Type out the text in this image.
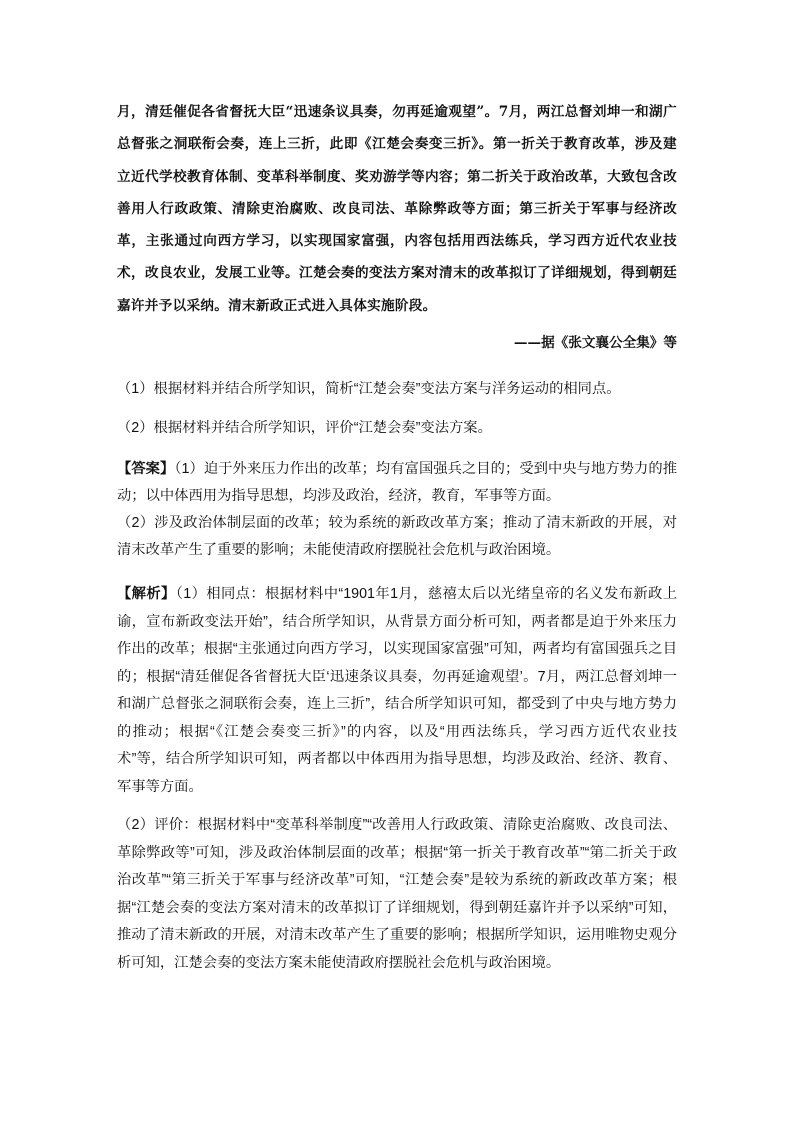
月，清廷催促各省督抚大臣“迅速条议具奏，勿再延逾观望”。7月，两江总督刘坤一和湖广总督张之洞联衔会奏，连上三折，此即《江楚会奏变三折》。第一折关于教育改革，涉及建立近代学校教育体制、变革科举制度、奖劝游学等内容；第二折关于政治改革，大致包含改善用人行政政策、清除吏治腐败、改良司法、革除弊政等方面；第三折关于军事与经济改革，主张通过向西方学习，以实现国家富强，内容包括用西法练兵，学习西方近代农业技术，改良农业，发展工业等。江楚会奏的变法方案对清末的改革拟订了详细规划，得到朝廷嘉许并予以采纳。清末新政正式进入具体实施阶段。

——据《张文襄公全集》等

（1）根据材料并结合所学知识，简析“江楚会奏”变法方案与洋务运动的相同点。

（2）根据材料并结合所学知识，评价“江楚会奏”变法方案。

【答案】（1）迫于外来压力作出的改革；均有富国强兵之目的；受到中央与地方势力的推动；以中体西用为指导思想，均涉及政治，经济，教育，军事等方面。

（2）涉及政治体制层面的改革；较为系统的新政改革方案；推动了清末新政的开展，对清末改革产生了重要的影响；未能使清政府摆脱社会危机与政治困境。

【解析】（1）相同点：根据材料中“1901年1月，慈禧太后以光绪皇帝的名义发布新政上谕，宣布新政变法开始”，结合所学知识，从背景方面分析可知，两者都是迫于外来压力作出的改革；根据“主张通过向西方学习，以实现国家富强”可知，两者均有富国强兵之目的；根据“清廷催促各省督抚大臣‘迅速条议具奏，勿再延逾观望’。7月，两江总督刘坤一和湖广总督张之洞联衔会奏，连上三折”，结合所学知识可知，都受到了中央与地方势力的推动；根据“《江楚会奏变三折》”的内容，以及“用西法练兵，学习西方近代农业技术”等，结合所学知识可知，两者都以中体西用为指导思想，均涉及政治、经济、教育、军事等方面。

（2）评价：根据材料中“变革科举制度”“改善用人行政政策、清除吏治腐败、改良司法、革除弊政等”可知，涉及政治体制层面的改革；根据“第一折关于教育改革”“第二折关于政治改革”“第三折关于军事与经济改革”可知，“江楚会奏”是较为系统的新政改革方案；根据“江楚会奏的变法方案对清末的改革拟订了详细规划，得到朝廷嘉许并予以采纳”可知，推动了清末新政的开展，对清末改革产生了重要的影响；根据所学知识，运用唯物史观分析可知，江楚会奏的变法方案未能使清政府摆脱社会危机与政治困境。
